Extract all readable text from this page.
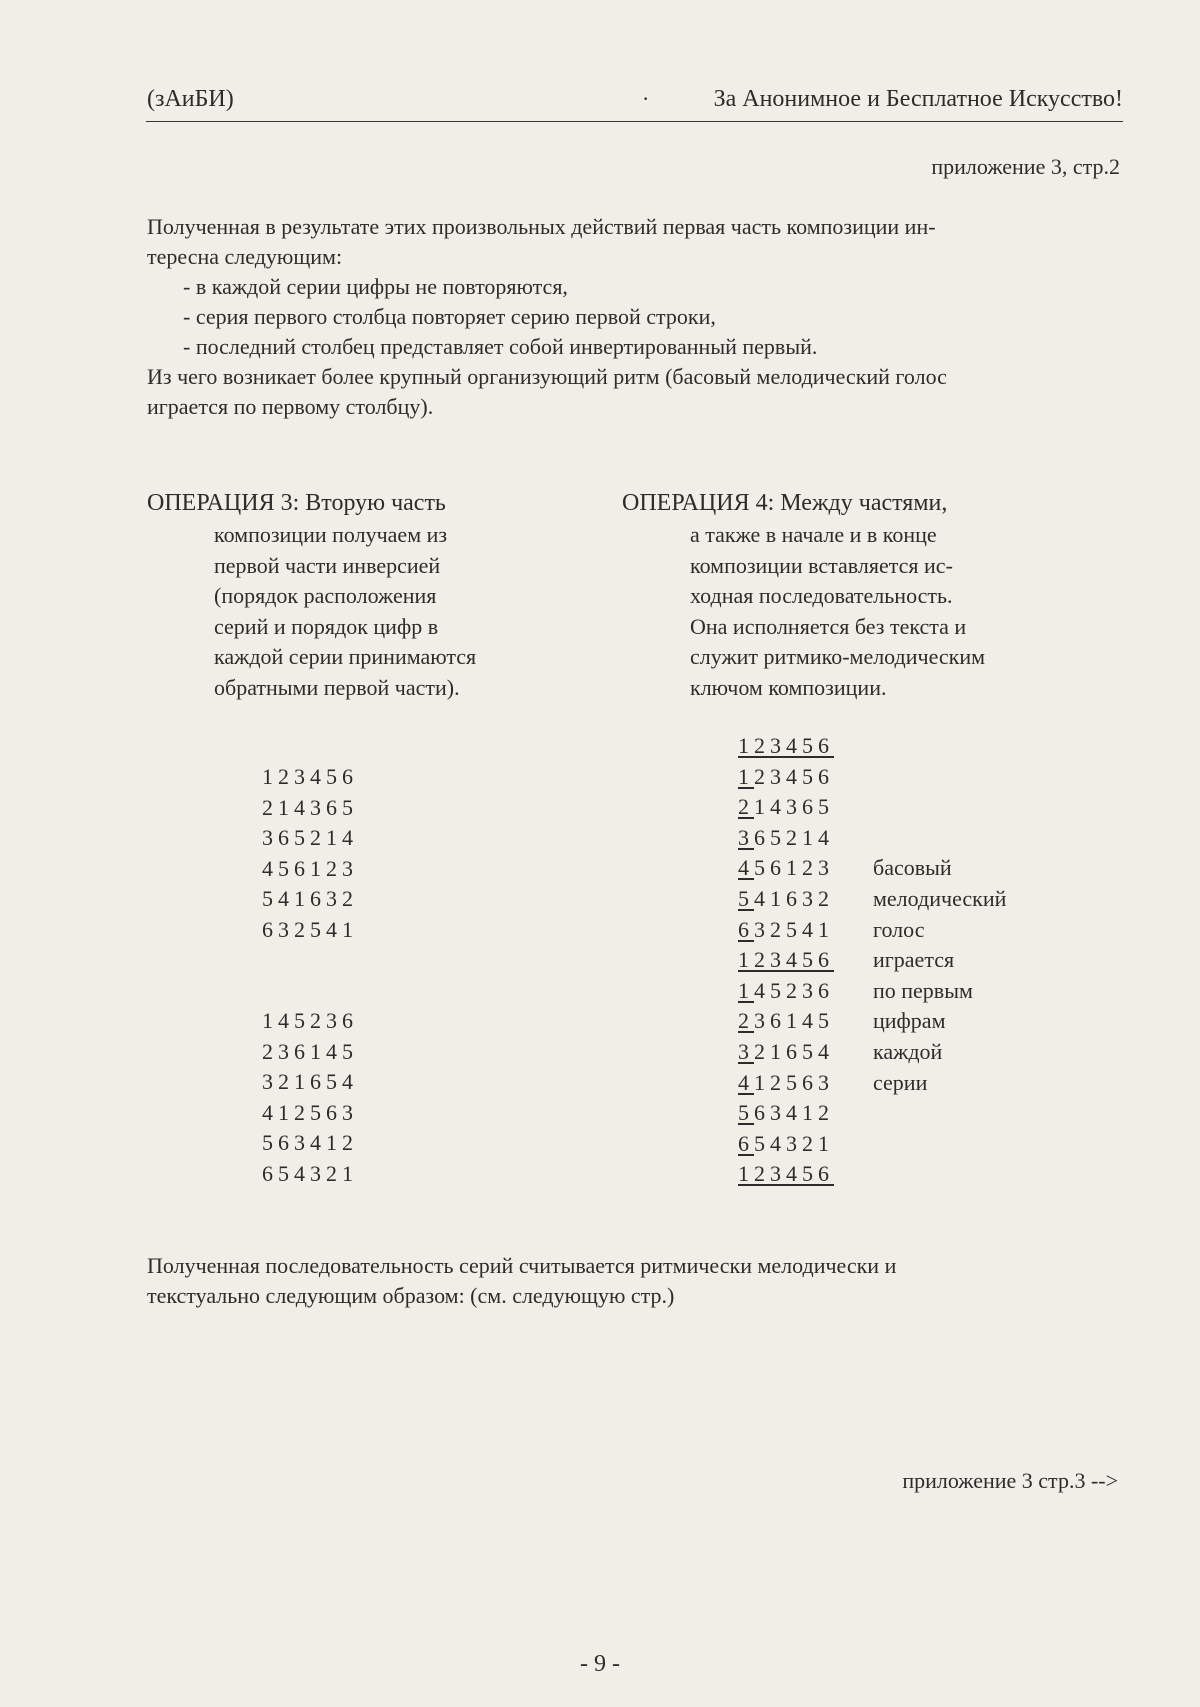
(зАиБИ)	·	За Анонимное и Бесплатное Искусство!
приложение 3, стр.2

Полученная в результате этих произвольных действий первая часть композиции ин-

тересна следующим:

- в каждой серии цифры не повторяются,

- серия первого столбца повторяет серию первой строки,

- последний столбец представляет собой инвертированный первый.

Из чего возникает более крупный организующий ритм (басовый мелодический голос

играется по первому столбцу).

ОПЕРАЦИЯ 3: Вторую часть
композиции получаем из
первой части инверсией
(порядок расположения
серий и порядок цифр в
каждой серии принимаются
обратными первой части).
ОПЕРАЦИЯ 4: Между частями,
а также в начале и в конце
композиции вставляется ис-
ходная последовательность.
Она исполняется без текста и
служит ритмико-мелодическим
ключом композиции.
123456
214365
365214
456123
541632
632541
145236
236145
321654
412563
563412
654321
123456
123456
214365
365214
456123
541632
632541
123456
145236
236145
321654
412563
563412
654321
123456
басовый
мелодический
голос
играется
по первым
цифрам
каждой
серии

Полученная последовательность серий считывается ритмически мелодически и

текстуально следующим образом: (см. следующую стр.)

приложение 3 стр.3 -->
- 9 -
